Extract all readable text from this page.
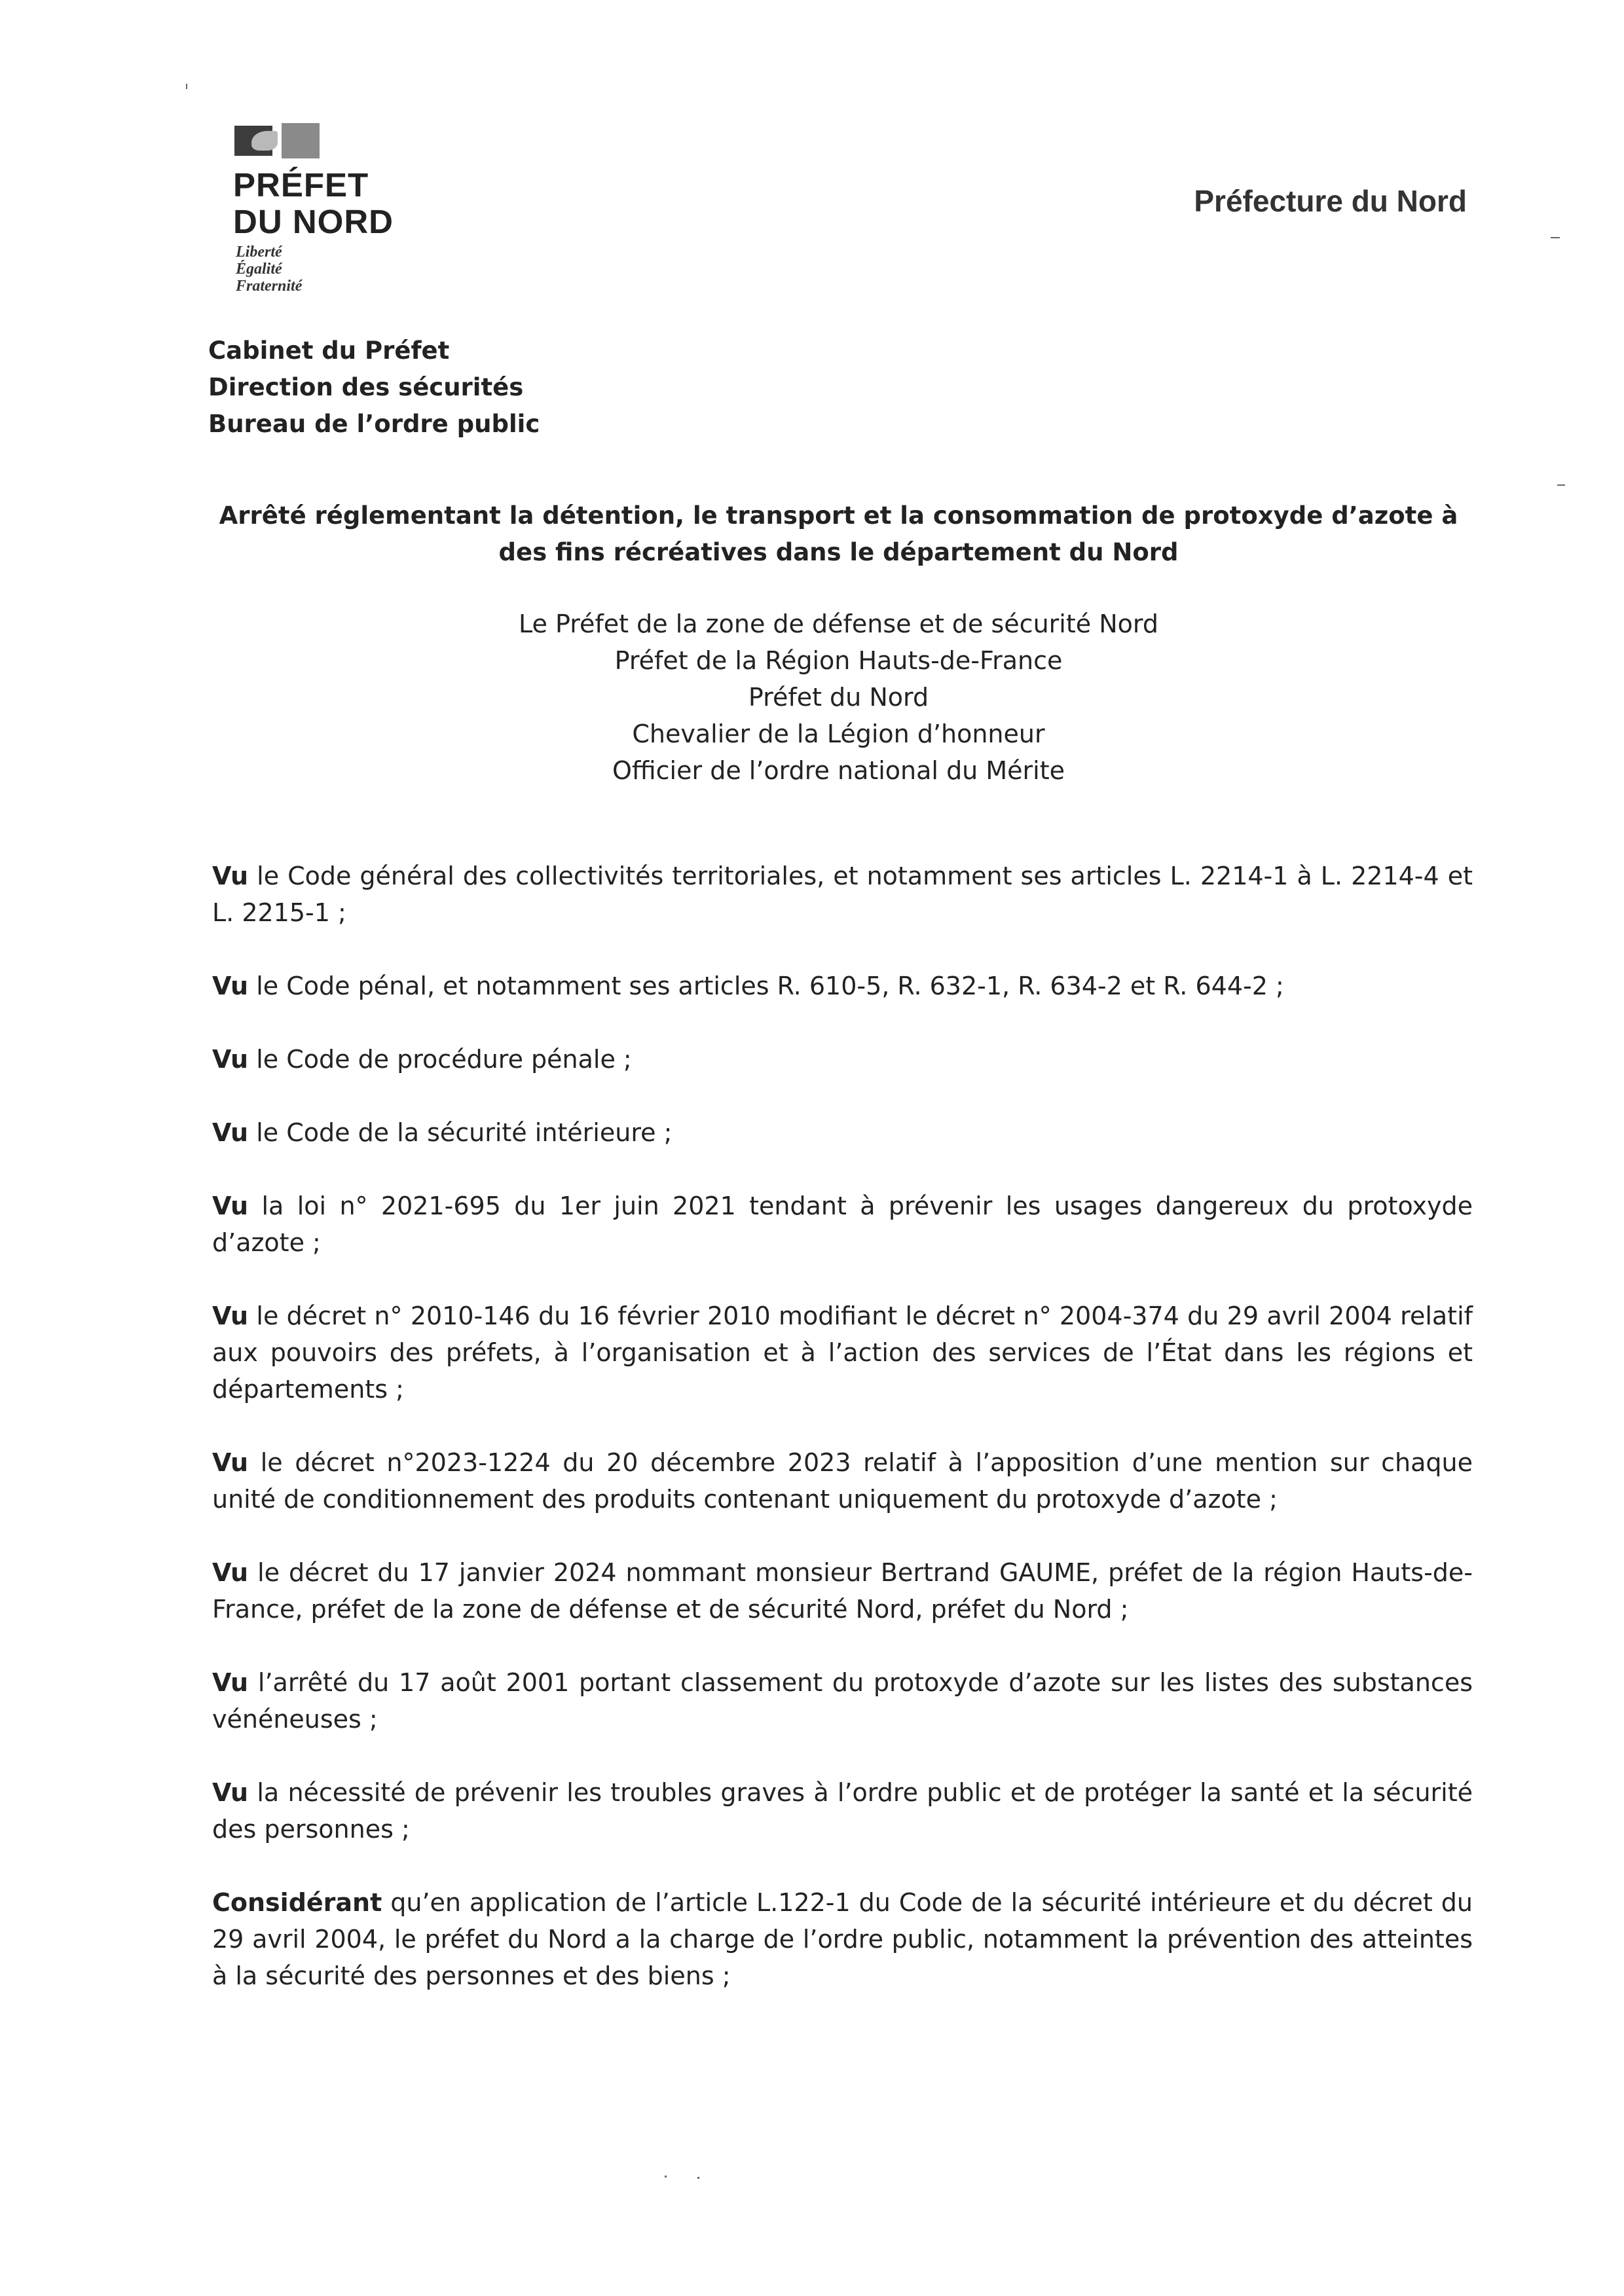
PRÉFET
DU NORD
Liberté
Égalité
Fraternité
Préfecture du Nord
Cabinet du Préfet
Direction des sécurités
Bureau de l’ordre public
Arrêté réglementant la détention, le transport et la consommation de protoxyde d’azote à des fins récréatives dans le département du Nord
Le Préfet de la zone de défense et de sécurité Nord
Préfet de la Région Hauts-de-France
Préfet du Nord
Chevalier de la Légion d’honneur
Officier de l’ordre national du Mérite

Vu le Code général des collectivités territoriales, et notamment ses articles L. 2214-1 à L. 2214-4 et L. 2215-1 ;

Vu le Code pénal, et notamment ses articles R. 610-5, R. 632-1, R. 634-2 et R. 644-2 ;

Vu le Code de procédure pénale ;

Vu le Code de la sécurité intérieure ;

Vu la loi n° 2021-695 du 1er juin 2021 tendant à prévenir les usages dangereux du protoxyde d’azote ;

Vu le décret n° 2010-146 du 16 février 2010 modifiant le décret n° 2004-374 du 29 avril 2004 relatif aux pouvoirs des préfets, à l’organisation et à l’action des services de l’État dans les régions et départements ;

Vu le décret n°2023-1224 du 20 décembre 2023 relatif à l’apposition d’une mention sur chaque unité de conditionnement des produits contenant uniquement du protoxyde d’azote ;

Vu le décret du 17 janvier 2024 nommant monsieur Bertrand GAUME, préfet de la région Hauts-de-France, préfet de la zone de défense et de sécurité Nord, préfet du Nord ;

Vu l’arrêté du 17 août 2001 portant classement du protoxyde d’azote sur les listes des substances vénéneuses ;

Vu la nécessité de prévenir les troubles graves à l’ordre public et de protéger la santé et la sécurité des personnes ;

Considérant qu’en application de l’article L.122-1 du Code de la sécurité intérieure et du décret du 29 avril 2004, le préfet du Nord a la charge de l’ordre public, notamment la prévention des atteintes à la sécurité des personnes et des biens ;
